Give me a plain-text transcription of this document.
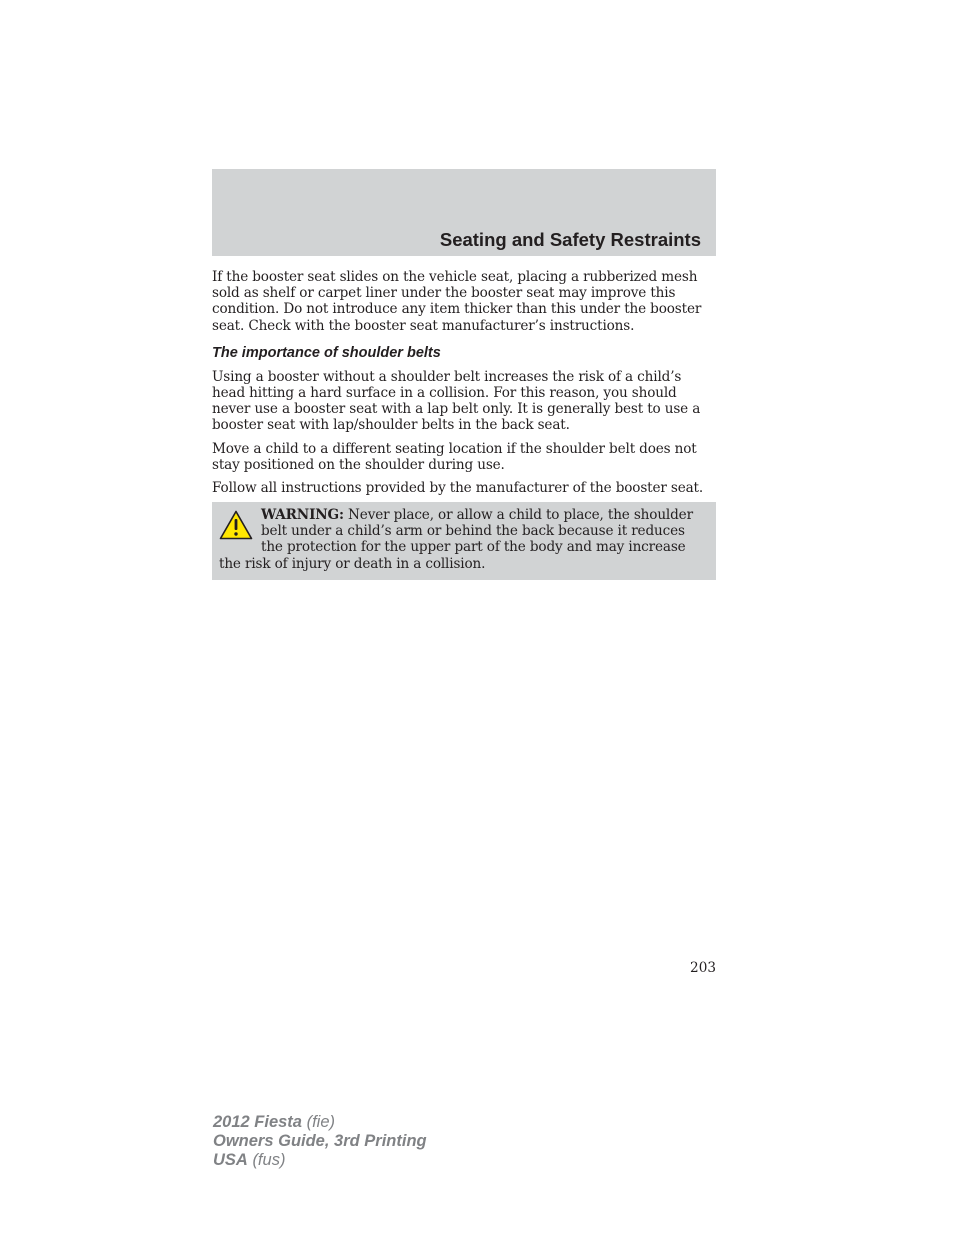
Seating and Safety Restraints

If the booster seat slides on the vehicle seat, placing a rubberized mesh sold as shelf or carpet liner under the booster seat may improve this condition. Do not introduce any item thicker than this under the booster seat. Check with the booster seat manufacturer’s instructions.

The importance of shoulder belts

Using a booster without a shoulder belt increases the risk of a child’s head hitting a hard surface in a collision. For this reason, you should never use a booster seat with a lap belt only. It is generally best to use a booster seat with lap/shoulder belts in the back seat.

Move a child to a different seating location if the shoulder belt does not stay positioned on the shoulder during use.

Follow all instructions provided by the manufacturer of the booster seat.

WARNING: Never place, or allow a child to place, the shoulder belt under a child’s arm or behind the back because it reduces the protection for the upper part of the body and may increase the risk of injury or death in a collision.

203
2012 Fiesta (fie)
Owners Guide, 3rd Printing
USA (fus)
